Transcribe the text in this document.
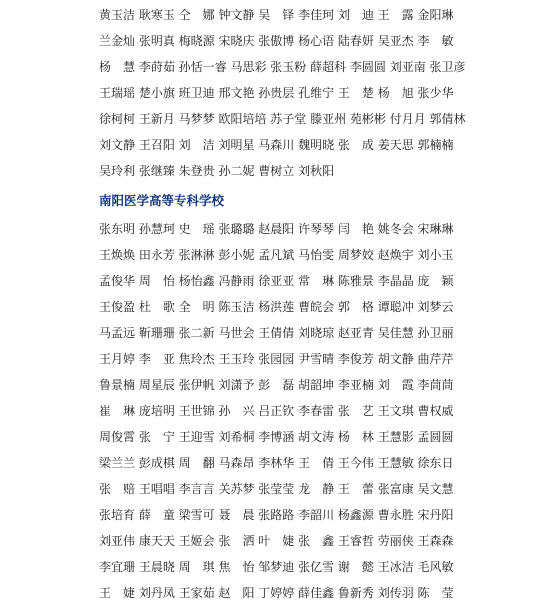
黄玉洁 耿寒玉 仝　娜 钟文静 吴　铎 李佳珂 刘　迪 王　露 金阳琳
兰金灿 张明真 梅晓源 宋晓庆 张傲博 杨心语 陆春妍 吴亚杰 李　敏
杨　慧 李莳茹 孙恬一睿 马思彩 张玉粉 薛超科 李圆圆 刘亚南 张卫彦
王瑞瑶 楚小旗 班卫迪 邢文艳 孙贵层 孔维宁 王　楚 杨　旭 张少华
徐柯柯 王新月 马梦梦 欧阳培培 苏子堂 滕亚州 苑彬彬 付月月 郭倩林
刘文静 王召阳 刘　洁 刘明星 马森川 魏明晓 张　成 姜天思 郭楠楠
吴玲利 张继臻 朱登贵 孙二妮 曹树立 刘秋阳
南阳医学高等专科学校
张东明 孙慧珂 史　瑶 张璐璐 赵晨阳 许琴琴 闫　艳 姚冬会 宋琳琳
王焕焕 田永芳 张淋淋 彭小妮 孟凡斌 马怡雯 周梦姣 赵焕宇 刘小玉
孟俊华 周　怡 杨怡鑫 冯静雨 徐亚亚 常　琳 陈雅景 李晶晶 庞　颖
王俊盈 杜　歌 全　明 陈玉洁 杨洪莲 曹皖会 郭　格 谭聪冲 刘梦云
马孟远 靳珊珊 张二新 马世会 王倩倩 刘晓琼 赵亚青 吴佳慧 孙卫丽
王月婷 李　亚 焦玲杰 王玉玲 张园园 尹雪晴 李俊芳 胡文静 曲芹芹
鲁景楠 周星辰 张伊帆 刘潇予 彭　磊 胡韶坤 李亚楠 刘　霞 李茼茼
崔　琳 庞培明 王世锦 孙　兴 吕正钦 李春雷 张　艺 王文琪 曹权威
周俊霄 张　宁 王迎雪 刘希桐 李博涵 胡文涛 杨　林 王慧影 孟圆圆
梁兰兰 彭成棋 周　翻 马森昂 李林华 王　倩 王今伟 王慧敏 徐东日
张　赔 王唱唱 李言言 关苏梦 张莹莹 龙　静 王　蕾 张富康 吴文慧
张培育 薛　童 梁雪可 聂　晨 张路路 李韶川 杨鑫源 曹永胜 宋丹阳
刘亚伟 康天天 王姬会 张　洒 叶　婕 张　鑫 王睿哲 劳丽侠 王森森
李宜珊 王晨晓 周　琪 焦　怡 邹梦迪 张亿雪 谢　懿 王冰洁 毛风敏
王　婕 刘丹凤 王家茹 赵　阳 丁婷婷 薛佳鑫 鲁新秀 刘传羽 陈　莹
